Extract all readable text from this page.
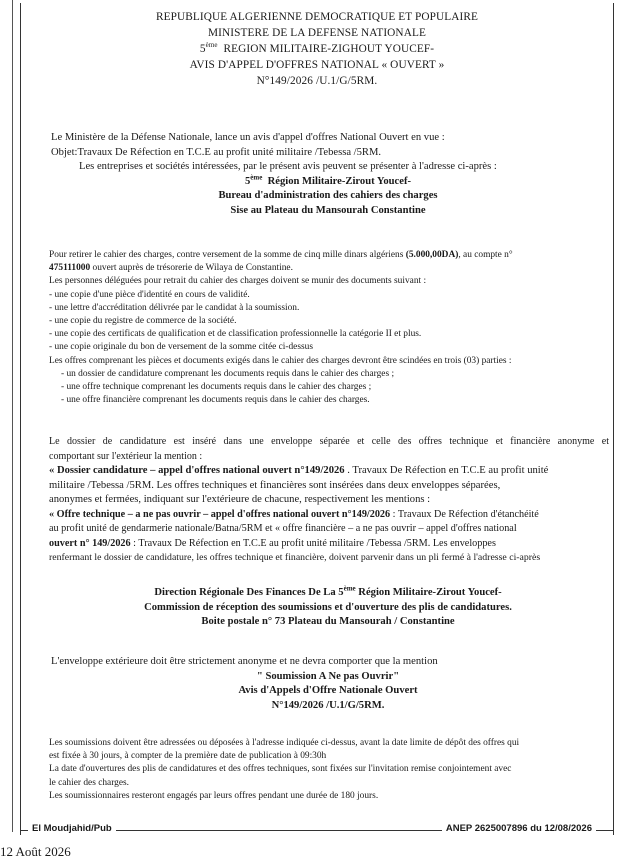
REPUBLIQUE ALGERIENNE DEMOCRATIQUE ET POPULAIRE
MINISTERE DE LA DEFENSE NATIONALE
5ème REGION MILITAIRE-ZIGHOUT YOUCEF-
AVIS D'APPEL D'OFFRES NATIONAL « OUVERT »
N°149/2026 /U.1/G/5RM.

Le Ministère de la Défense Nationale, lance un avis d'appel d'offres National Ouvert en vue :

Objet:Travaux De Réfection en T.C.E au profit unité militaire /Tebessa /5RM.

Les entreprises et sociétés intéressées, par le présent avis peuvent se présenter à l'adresse ci-après :

5ème Région Militaire-Zirout Youcef-

Bureau d'administration des cahiers des charges

Sise au Plateau du Mansourah Constantine

Pour retirer le cahier des charges, contre versement de la somme de cinq mille dinars algériens (5.000,00DA), au compte n°

475111000 ouvert auprès de trésorerie de Wilaya de Constantine.

Les personnes déléguées pour retrait du cahier des charges doivent se munir des documents suivant :

- une copie d'une pièce d'identité en cours de validité.

- une lettre d'accréditation délivrée par le candidat à la soumission.

- une copie du registre de commerce de la société.

- une copie des certificats de qualification et de classification professionnelle la catégorie II et plus.

- une copie originale du bon de versement de la somme citée ci-dessus

Les offres comprenant les pièces et documents exigés dans le cahier des charges devront être scindées en trois (03) parties :

- un dossier de candidature comprenant les documents requis dans le cahier des charges ;

- une offre technique comprenant les documents requis dans le cahier des charges ;

- une offre financière comprenant les documents requis dans le cahier des charges.

Le dossier de candidature est inséré dans une enveloppe séparée et celle des offres technique et financière anonyme et

comportant sur l'extérieur la mention :

« Dossier candidature – appel d'offres national ouvert n°149/2026 . Travaux De Réfection en T.C.E au profit unité

militaire /Tebessa /5RM. Les offres techniques et financières sont insérées dans deux enveloppes séparées,

anonymes et fermées, indiquant sur l'extérieure de chacune, respectivement les mentions :

« Offre technique – a ne pas ouvrir – appel d'offres national ouvert n°149/2026 : Travaux De Réfection d'étanchéité

au profit unité de gendarmerie nationale/Batna/5RM et « offre financière – a ne pas ouvrir – appel d'offres national

ouvert n° 149/2026 : Travaux De Réfection en T.C.E au profit unité militaire /Tebessa /5RM. Les enveloppes

renfermant le dossier de candidature, les offres technique et financière, doivent parvenir dans un pli fermé à l'adresse ci-après

Direction Régionale Des Finances De La 5ème Région Militaire-Zirout Youcef-

Commission de réception des soumissions et d'ouverture des plis de candidatures.

Boite postale n° 73 Plateau du Mansourah / Constantine

L'enveloppe extérieure doit être strictement anonyme et ne devra comporter que la mention

" Soumission A Ne pas Ouvrir"

Avis d'Appels d'Offre Nationale Ouvert

N°149/2026 /U.1/G/5RM.

Les soumissions doivent être adressées ou déposées à l'adresse indiquée ci-dessus, avant la date limite de dépôt des offres qui

est fixée à 30 jours, à compter de la première date de publication à 09:30h

La date d'ouvertures des plis de candidatures et des offres techniques, sont fixées sur l'invitation remise conjointement avec

le cahier des charges.

Les soumissionnaires resteront engagés par leurs offres pendant une durée de 180 jours.

El Moudjahid/Pub	ANEP 2625007896 du 12/08/2026
12 Août 2026
